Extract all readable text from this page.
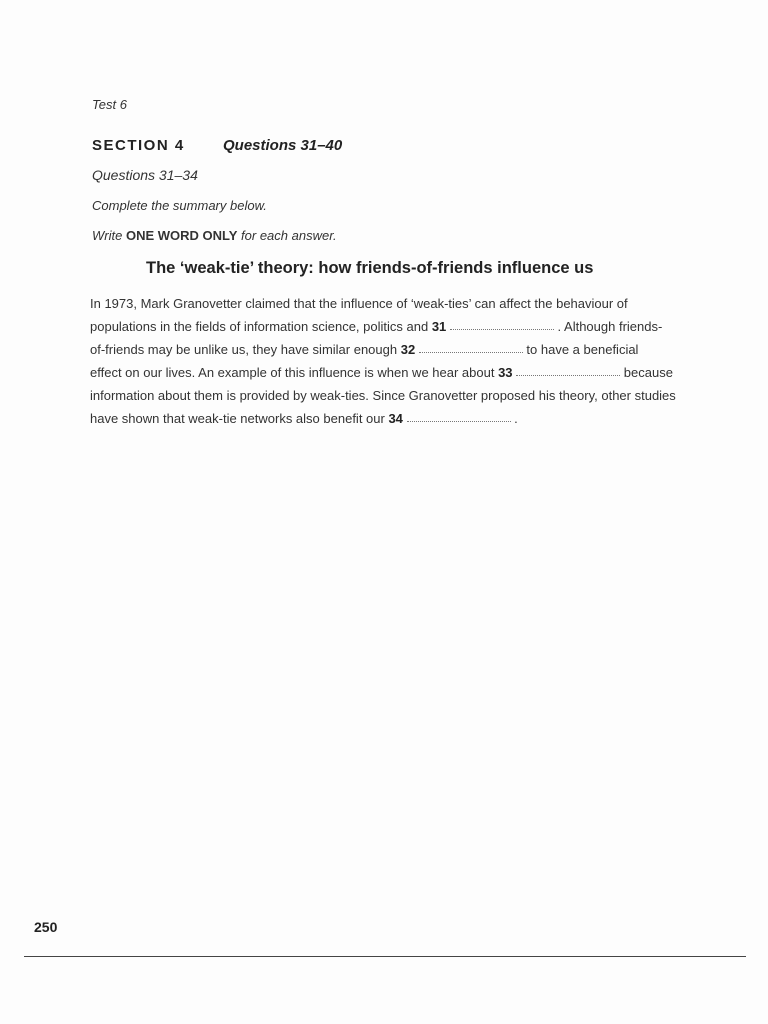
Test 6
SECTION 4	Questions 31–40
Questions 31–34
Complete the summary below.
Write ONE WORD ONLY for each answer.
The ‘weak-tie’ theory: how friends-of-friends influence us
In 1973, Mark Granovetter claimed that the influence of ‘weak-ties’ can affect the behaviour of
populations in the fields of information science, politics and 31	. Although friends-
of-friends may be unlike us, they have similar enough 32	to have a beneficial
effect on our lives. An example of this influence is when we hear about 33	because
information about them is provided by weak-ties. Since Granovetter proposed his theory, other studies
have shown that weak-tie networks also benefit our 34	.
250
